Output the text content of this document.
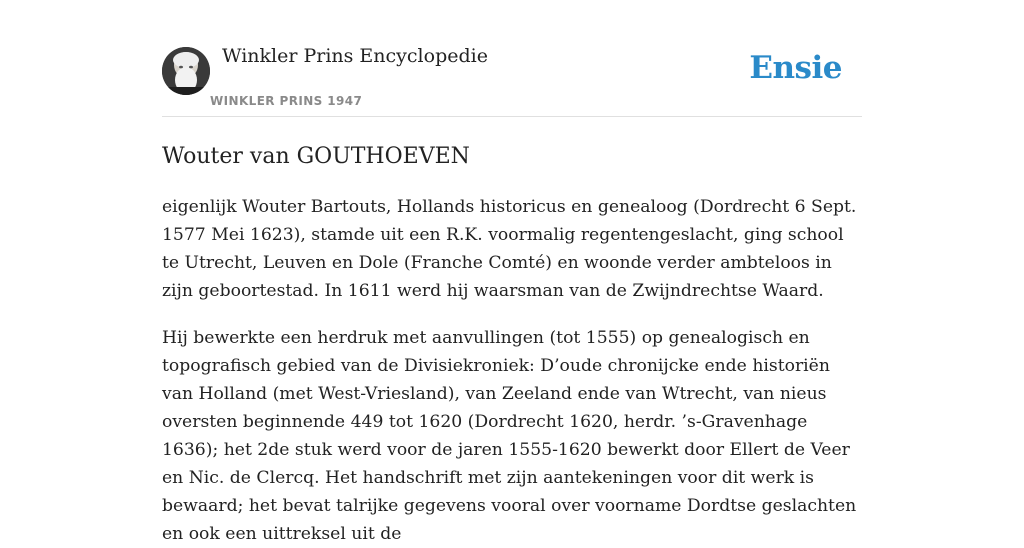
Winkler Prins Encyclopedie
WINKLER PRINS 1947
Ensie
Wouter van GOUTHOEVEN

eigenlijk Wouter Bartouts, Hollands historicus en genealoog (Dordrecht 6 Sept. 1577 Mei 1623), stamde uit een R.K. voormalig regentengeslacht, ging school te Utrecht, Leuven en Dole (Franche Comté) en woonde verder ambteloos in zijn geboortestad. In 1611 werd hij waarsman van de Zwijndrechtse Waard.

Hij bewerkte een herdruk met aanvullingen (tot 1555) op genealogisch en topografisch gebied van de Divisiekroniek: D’oude chronijcke ende historiën van Holland (met West-Vriesland), van Zeeland ende van Wtrecht, van nieus oversten beginnende 449 tot 1620 (Dordrecht 1620, herdr. ’s-Gravenhage 1636); het 2de stuk werd voor de jaren 1555-1620 bewerkt door Ellert de Veer en Nic. de Clercq. Het handschrift met zijn aantekeningen voor dit werk is bewaard; het bevat talrijke gegevens vooral over voorname Dordtse geslachten en ook een uittreksel uit de
